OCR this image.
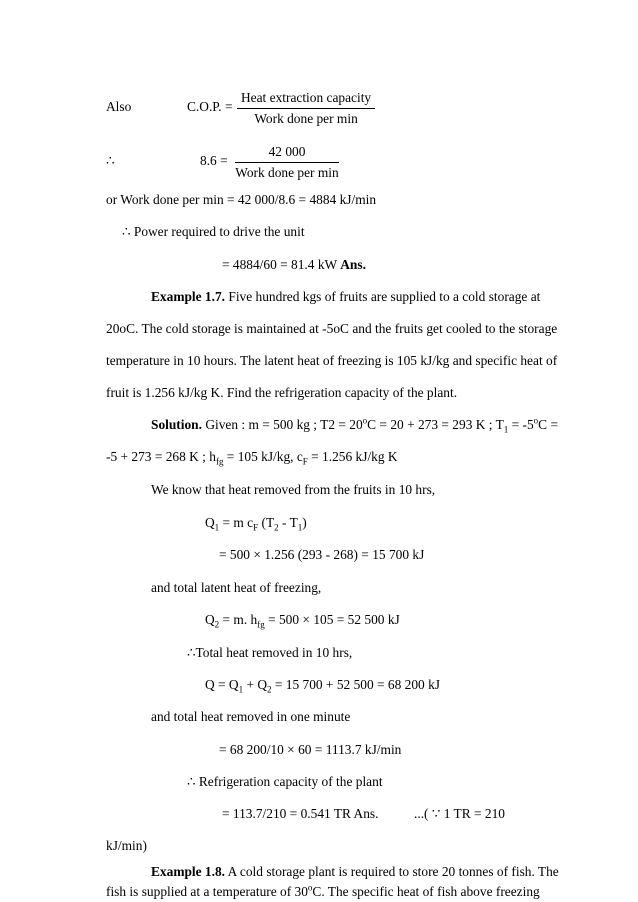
Also	C.O.P. =
Heat extraction capacity
Work done per min
∴	8.6 =
42 000
Work done per min
or Work done per min = 42 000/8.6 = 4884 kJ/min
∴ Power required to drive the unit
= 4884/60 = 81.4 kW Ans.
Example 1.7. Five hundred kgs of fruits are supplied to a cold storage at
20oC. The cold storage is maintained at -5oC and the fruits get cooled to the storage
temperature in 10 hours. The latent heat of freezing is 105 kJ/kg and specific heat of
fruit is 1.256 kJ/kg K. Find the refrigeration capacity of the plant.
Solution. Given : m = 500 kg ; $T2 = 20^oC = 20 + 273 = 293$ K ; $T_1 = -5^oC$ =
-5 + 273 = 268 K ; $h_{fg} = 105$ kJ/kg, $c_F = 1.256$ kJ/kg K
We know that heat removed from the fruits in 10 hrs,
$Q_1 = m$ $c_F$ $(T_2 - T_1)$
= 500 × 1.256 (293 - 268) = 15 700 kJ
and total latent heat of freezing,
$Q_2 = m$. $h_{fg} = 500 \times 105 = 52$ 500 kJ
∴Total heat removed in 10 hrs,
$Q = Q_1 + Q_2 = 15$ 700 + 52 500 = 68 200 kJ
and total heat removed in one minute
= 68 200/10 × 60 = 1113.7 kJ/min
∴ Refrigeration capacity of the plant
= 113.7/210 = 0.541 TR Ans.	...( ∵ 1 TR = 210
kJ/min)
Example 1.8. A cold storage plant is required to store 20 tonnes of fish. The
fish is supplied at a temperature of 30$^o$C. The specific heat of fish above freezing
